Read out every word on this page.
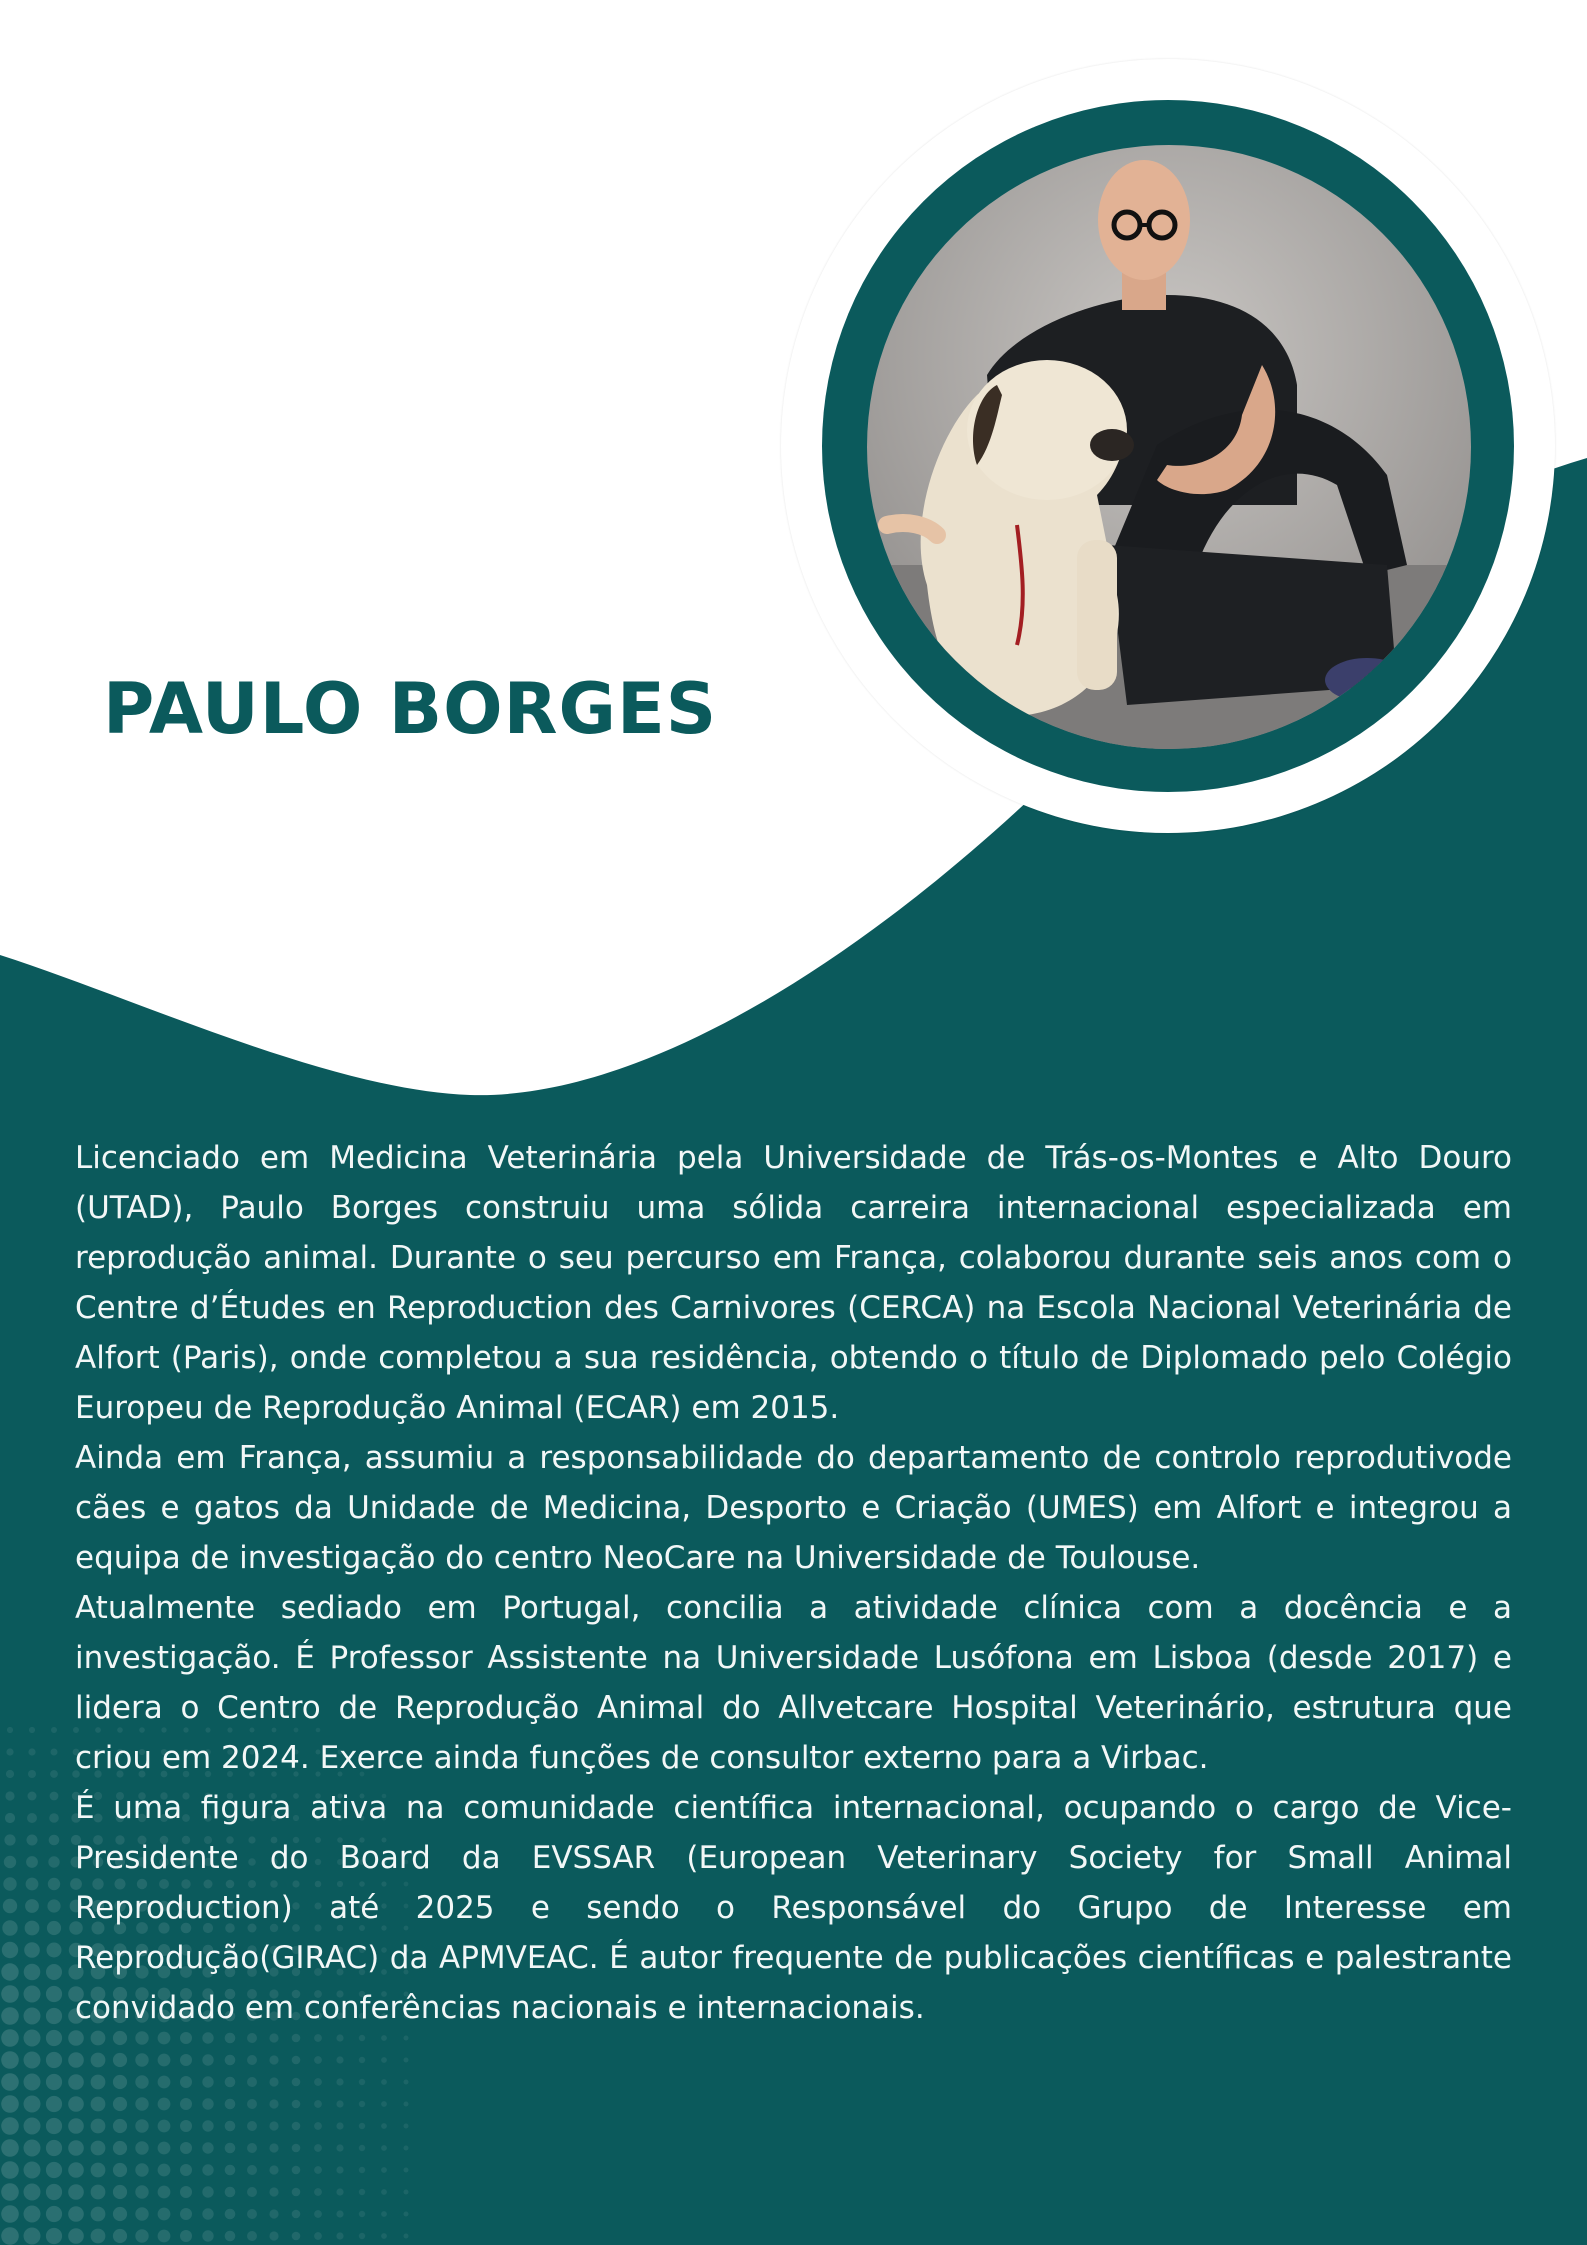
PAULO BORGES

Licenciado em Medicina Veterinária pela Universidade de Trás-os-Montes e Alto Douro (UTAD), Paulo Borges construiu uma sólida carreira internacional especializada em reprodução animal. Durante o seu percurso em França, colaborou durante seis anos com o Centre d’Études en Reproduction des Carnivores (CERCA) na Escola Nacional Veterinária de Alfort (Paris), onde completou a sua residência, obtendo o título de Diplomado pelo Colégio Europeu de Reprodução Animal (ECAR) em 2015.

Ainda em França, assumiu a responsabilidade do departamento de controlo reprodutivode cães e gatos da Unidade de Medicina, Desporto e Criação (UMES) em Alfort e integrou a equipa de investigação do centro NeoCare na Universidade de Toulouse.

Atualmente sediado em Portugal, concilia a atividade clínica com a docência e a investigação. É Professor Assistente na Universidade Lusófona em Lisboa (desde 2017) e lidera o Centro de Reprodução Animal do Allvetcare Hospital Veterinário, estrutura que criou em 2024. Exerce ainda funções de consultor externo para a Virbac.

É uma figura ativa na comunidade científica internacional, ocupando o cargo de Vice-Presidente do Board da EVSSAR (European Veterinary Society for Small Animal Reproduction) até 2025 e sendo o Responsável do Grupo de Interesse em Reprodução(GIRAC) da APMVEAC. É autor frequente de publicações científicas e palestrante convidado em conferências nacionais e internacionais.
